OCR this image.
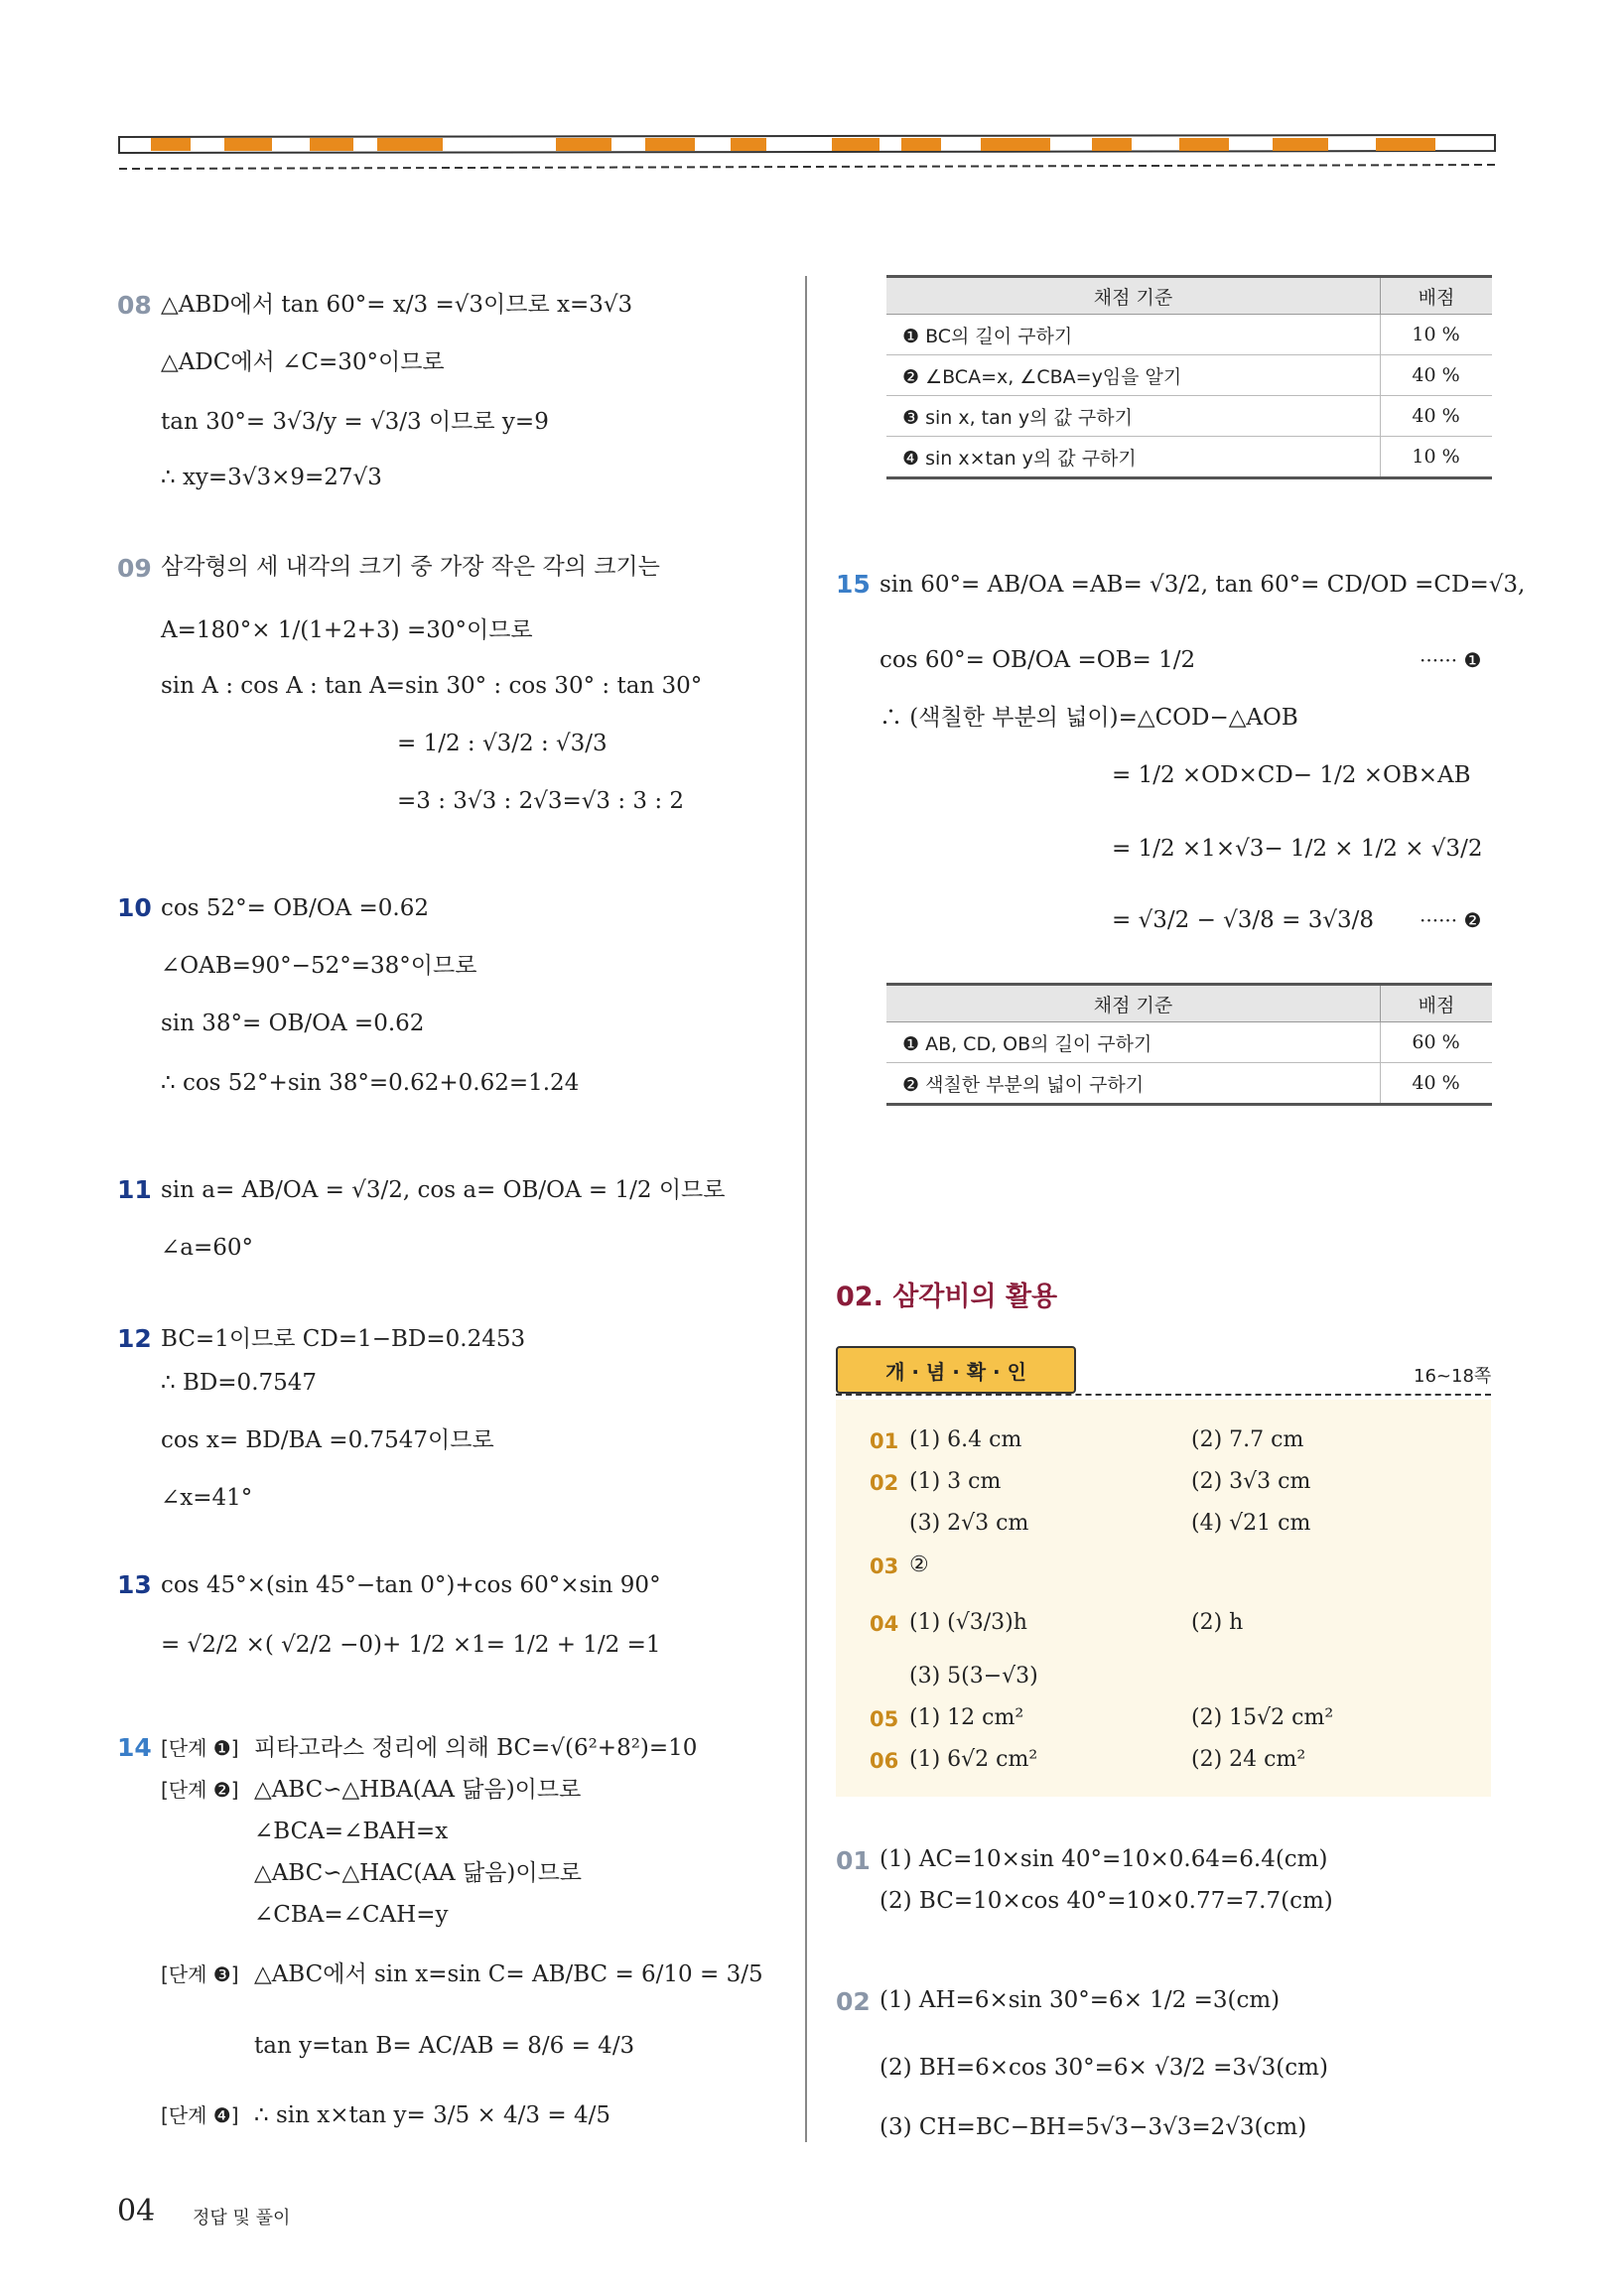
08 △ABD에서 tan 60°= x/3 =√3이므로 x=3√3
△ADC에서 ∠C=30°이므로
tan 30°= 3√3/y = √3/3 이므로 y=9
∴ xy=3√3×9=27√3
09 삼각형의 세 내각의 크기 중 가장 작은 각의 크기는
A=180°× 1/(1+2+3) =30°이므로
sin A : cos A : tan A=sin 30° : cos 30° : tan 30°
= 1/2 : √3/2 : √3/3
=3 : 3√3 : 2√3=√3 : 3 : 2
10 cos 52°= OB/OA =0.62
∠OAB=90°−52°=38°이므로
sin 38°= OB/OA =0.62
∴ cos 52°+sin 38°=0.62+0.62=1.24
11 sin a= AB/OA = √3/2, cos a= OB/OA = 1/2 이므로
∠a=60°
12 BC=1이므로 CD=1−BD=0.2453
∴ BD=0.7547
cos x= BD/BA =0.7547이므로
∠x=41°
13 cos 45°×(sin 45°−tan 0°)+cos 60°×sin 90°
= √2/2 ×( √2/2 −0)+ 1/2 ×1= 1/2 + 1/2 =1
14 [단계 ❶] 피타고라스 정리에 의해 BC=√(6²+8²)=10
[단계 ❷] △ABC∽△HBA(AA 닮음)이므로
∠BCA=∠BAH=x
△ABC∽△HAC(AA 닮음)이므로
∠CBA=∠CAH=y
[단계 ❸] △ABC에서 sin x=sin C= AB/BC = 6/10 = 3/5
tan y=tan B= AC/AB = 8/6 = 4/3
[단계 ❹] ∴ sin x×tan y= 3/5 × 4/3 = 4/5
04 정답 및 풀이
채점 기준	배점
❶ BC의 길이 구하기	10 %
❷ ∠BCA=x, ∠CBA=y임을 알기	40 %
❸ sin x, tan y의 값 구하기	40 %
❹ sin x×tan y의 값 구하기	10 %
15 sin 60°= AB/OA =AB= √3/2, tan 60°= CD/OD =CD=√3,
cos 60°= OB/OA =OB= 1/2	······ ❶
∴ (색칠한 부분의 넓이)=△COD−△AOB
= 1/2 ×OD×CD− 1/2 ×OB×AB
= 1/2 ×1×√3− 1/2 × 1/2 × √3/2
= √3/2 − √3/8 = 3√3/8 ······ ❷
채점 기준	배점
❶ AB, CD, OB의 길이 구하기	60 %
❷ 색칠한 부분의 넓이 구하기	40 %
02. 삼각비의 활용
개 · 념 · 확 · 인	16~18쪽
01 (1) 6.4 cm	(2) 7.7 cm
02 (1) 3 cm	(2) 3√3 cm
(3) 2√3 cm	(4) √21 cm
03 ②
04 (1) (√3/3)h	(2) h
(3) 5(3−√3)
05 (1) 12 cm²	(2) 15√2 cm²
06 (1) 6√2 cm²	(2) 24 cm²
01 (1) AC=10×sin 40°=10×0.64=6.4(cm)
(2) BC=10×cos 40°=10×0.77=7.7(cm)
02 (1) AH=6×sin 30°=6× 1/2 =3(cm)
(2) BH=6×cos 30°=6× √3/2 =3√3(cm)
(3) CH=BC−BH=5√3−3√3=2√3(cm)
